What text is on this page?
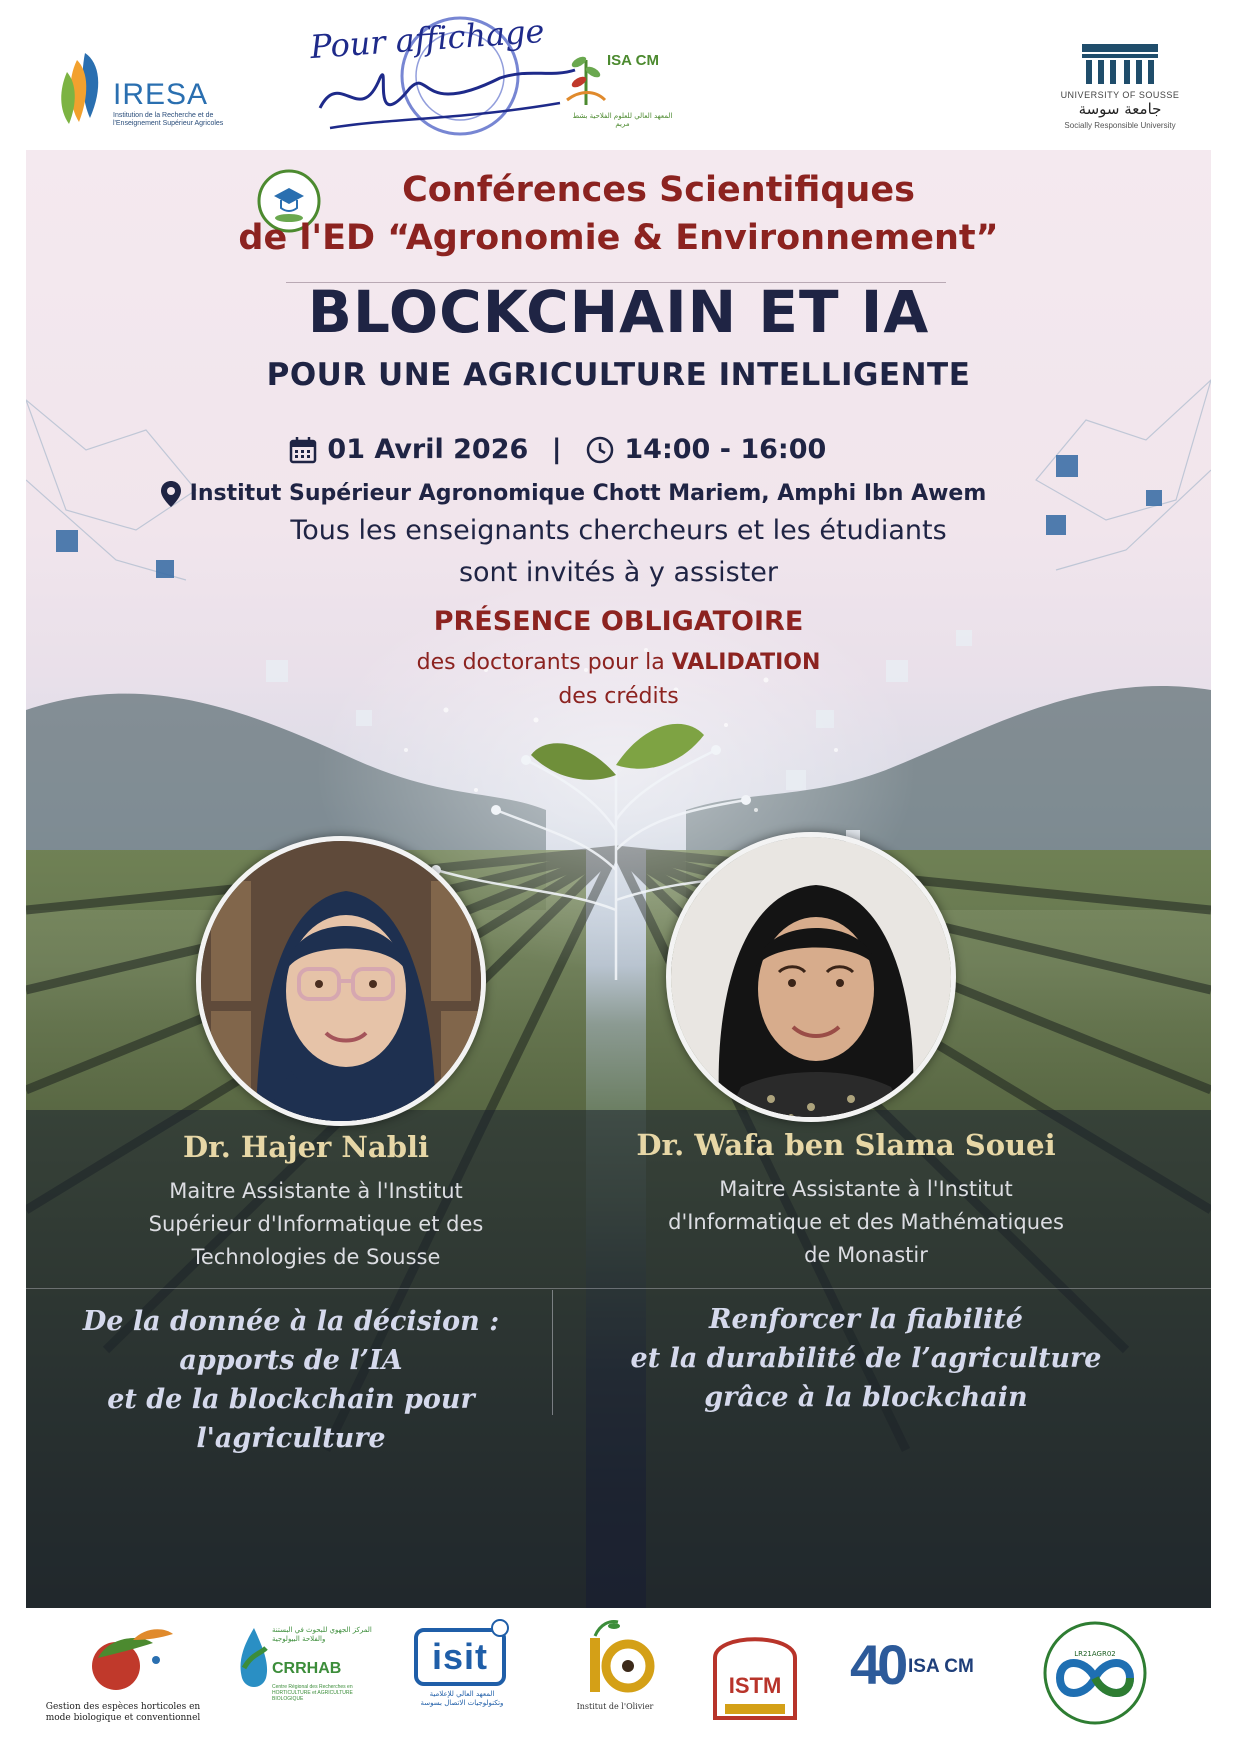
IRESA
Institution de la Recherche et de l'Enseignement Supérieur Agricoles
Pour affichage	ISA CM
المعهد العالي للعلوم الفلاحية بشط مريم
UNIVERSITY OF SOUSSE
جامعة سوسة
Socially Responsible University
Conférences Scientifiques
de l'ED “Agronomie & Environnement”
BLOCKCHAIN ET IA
POUR UNE AGRICULTURE INTELLIGENTE
01 Avril 2026 | 14:00 - 16:00
Institut Supérieur Agronomique Chott Mariem, Amphi Ibn Awem
Tous les enseignants chercheurs et les étudiants
sont invités à y assister
PRÉSENCE OBLIGATOIRE
des doctorants pour la VALIDATION
des crédits
Dr. Hajer Nabli
Maitre Assistante à l'Institut
Supérieur d'Informatique et des
Technologies de Sousse
Dr. Wafa ben Slama Souei
Maitre Assistante à l'Institut
d'Informatique et des Mathématiques
de Monastir
De la donnée à la décision :
apports de l’IA
et de la blockchain pour l'agriculture
Renforcer la fiabilité
et la durabilité de l’agriculture
grâce à la blockchain
Gestion des espèces horticoles en mode biologique et conventionnel
المركز الجهوي للبحوث في البستنة والفلاحة البيولوجية
CRRHAB
Centre Régional des Recherches en HORTICULTURE et AGRICULTURE BIOLOGIQUE
isit
المعهد العالي للإعلامية وتكنولوجيات الاتصال بسوسة	Institut de l'Olivier
ISTM 40 ISA CM
LR21AGR02
